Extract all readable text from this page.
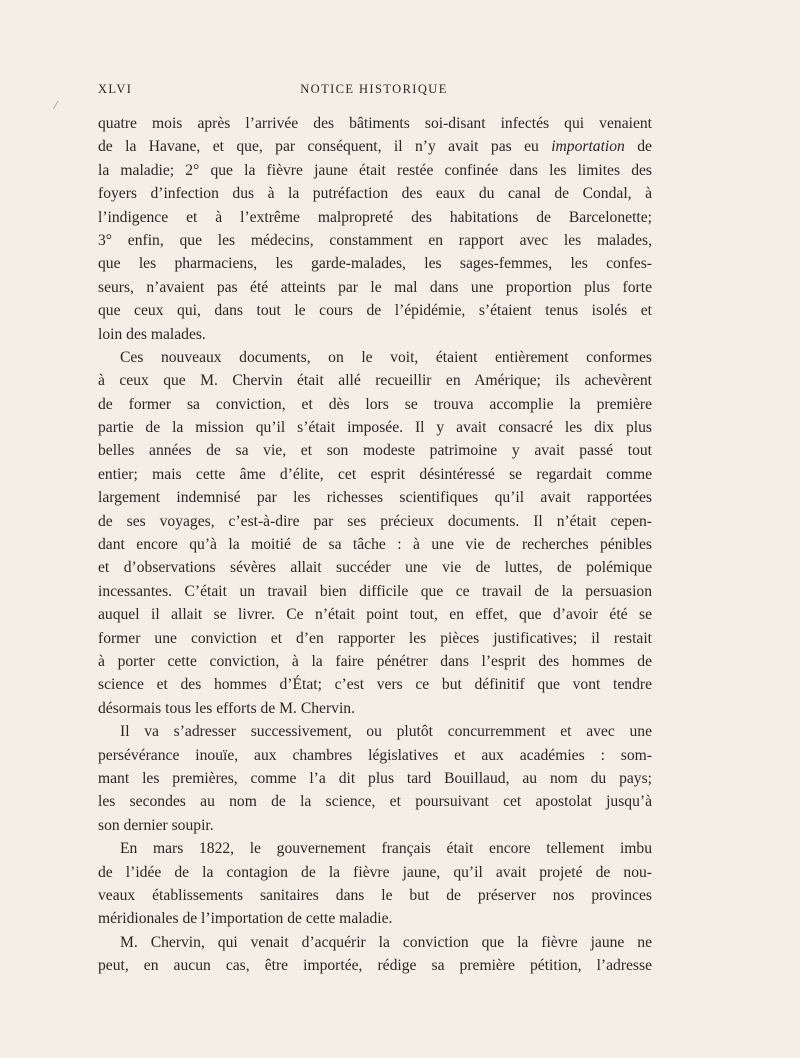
/
XLVI	NOTICE HISTORIQUE
quatre mois après l’arrivée des bâtiments soi-disant infectés qui venaient
de la Havane, et que, par conséquent, il n’y avait pas eu importation de
la maladie; 2° que la fièvre jaune était restée confinée dans les limites des
foyers d’infection dus à la putréfaction des eaux du canal de Condal, à
l’indigence et à l’extrême malpropreté des habitations de Barcelonette;
3° enfin, que les médecins, constamment en rapport avec les malades,
que les pharmaciens, les garde-malades, les sages-femmes, les confes-
seurs, n’avaient pas été atteints par le mal dans une proportion plus forte
que ceux qui, dans tout le cours de l’épidémie, s’étaient tenus isolés et
loin des malades.
Ces nouveaux documents, on le voit, étaient entièrement conformes
à ceux que M. Chervin était allé recueillir en Amérique; ils achevèrent
de former sa conviction, et dès lors se trouva accomplie la première
partie de la mission qu’il s’était imposée. Il y avait consacré les dix plus
belles années de sa vie, et son modeste patrimoine y avait passé tout
entier; mais cette âme d’élite, cet esprit désintéressé se regardait comme
largement indemnisé par les richesses scientifiques qu’il avait rapportées
de ses voyages, c’est-à-dire par ses précieux documents. Il n’était cepen-
dant encore qu’à la moitié de sa tâche : à une vie de recherches pénibles
et d’observations sévères allait succéder une vie de luttes, de polémique
incessantes. C’était un travail bien difficile que ce travail de la persuasion
auquel il allait se livrer. Ce n’était point tout, en effet, que d’avoir été se
former une conviction et d’en rapporter les pièces justificatives; il restait
à porter cette conviction, à la faire pénétrer dans l’esprit des hommes de
science et des hommes d’État; c’est vers ce but définitif que vont tendre
désormais tous les efforts de M. Chervin.
Il va s’adresser successivement, ou plutôt concurremment et avec une
persévérance inouïe, aux chambres législatives et aux académies : som-
mant les premières, comme l’a dit plus tard Bouillaud, au nom du pays;
les secondes au nom de la science, et poursuivant cet apostolat jusqu’à
son dernier soupir.
En mars 1822, le gouvernement français était encore tellement imbu
de l’idée de la contagion de la fièvre jaune, qu’il avait projeté de nou-
veaux établissements sanitaires dans le but de préserver nos provinces
méridionales de l’importation de cette maladie.
M. Chervin, qui venait d’acquérir la conviction que la fièvre jaune ne
peut, en aucun cas, être importée, rédige sa première pétition, l’adresse
